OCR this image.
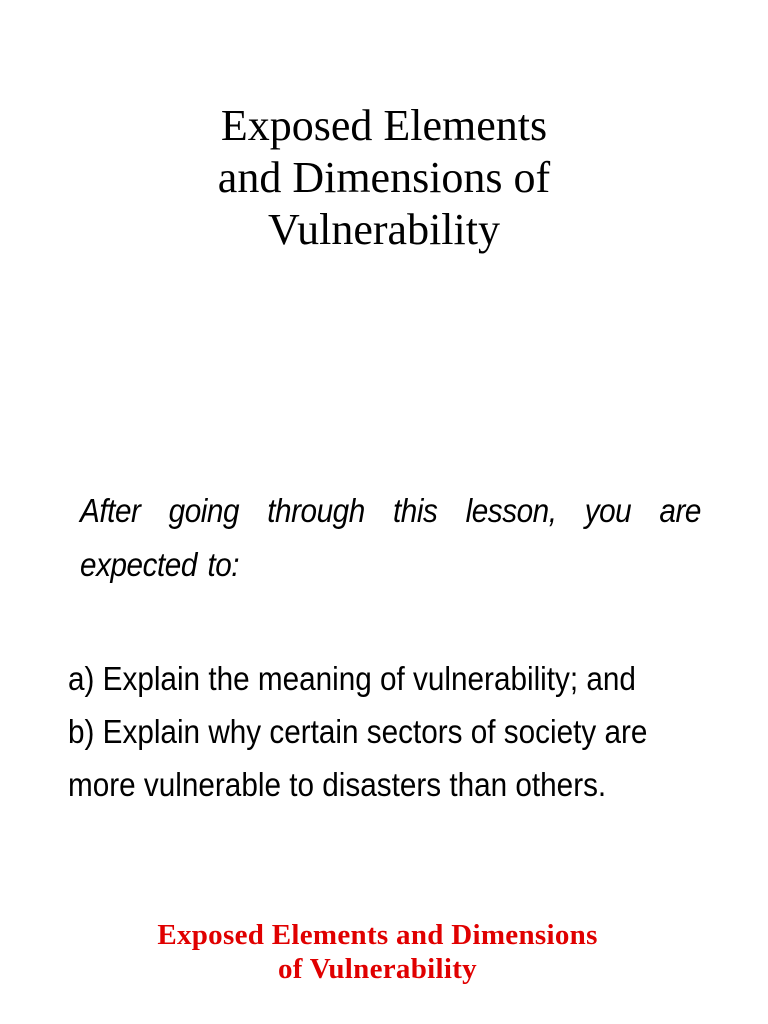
Exposed Elements
and Dimensions of
Vulnerability

After going through this lesson, you are expected to:

a) Explain the meaning of vulnerability; and
b) Explain why certain sectors of society are more vulnerable to disasters than others.
Exposed Elements and Dimensions
of Vulnerability
